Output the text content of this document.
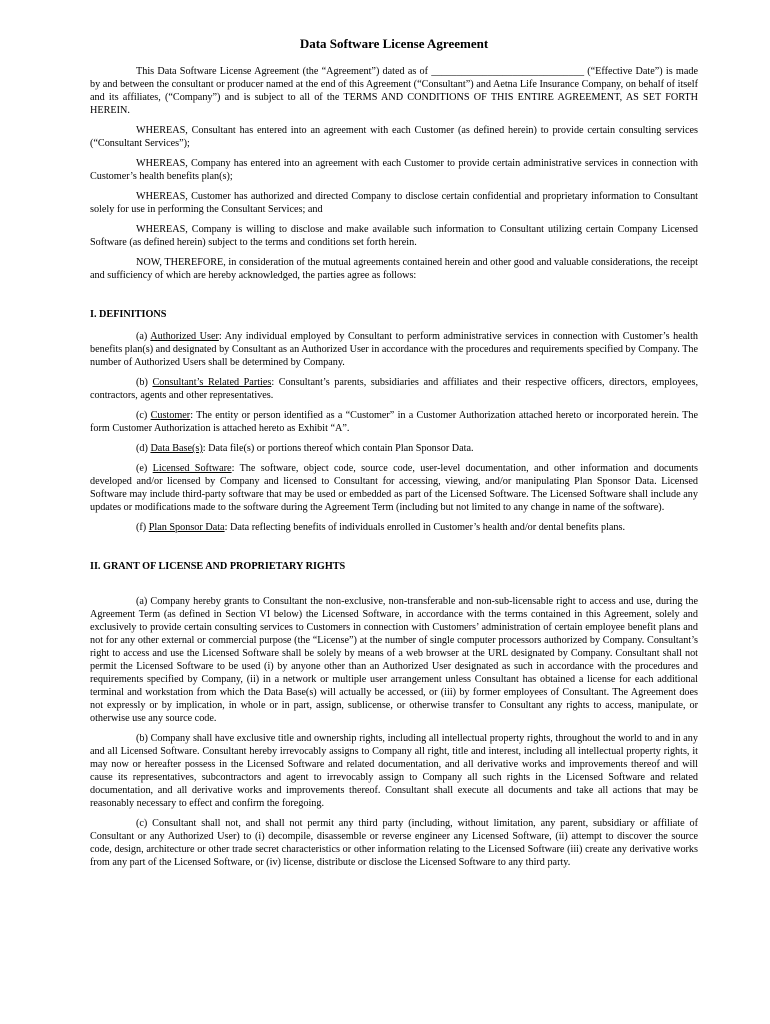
Data Software License Agreement

This Data Software License Agreement (the “Agreement”) dated as of ______________________________ (“Effective Date”) is made by and between the consultant or producer named at the end of this Agreement (“Consultant”) and Aetna Life Insurance Company, on behalf of itself and its affiliates, (“Company”) and is subject to all of the TERMS AND CONDITIONS OF THIS ENTIRE AGREEMENT, AS SET FORTH HEREIN.

WHEREAS, Consultant has entered into an agreement with each Customer (as defined herein) to provide certain consulting services (“Consultant Services”);

WHEREAS, Company has entered into an agreement with each Customer to provide certain administrative services in connection with Customer’s health benefits plan(s);

WHEREAS, Customer has authorized and directed Company to disclose certain confidential and proprietary information to Consultant solely for use in performing the Consultant Services; and

WHEREAS, Company is willing to disclose and make available such information to Consultant utilizing certain Company Licensed Software (as defined herein) subject to the terms and conditions set forth herein.

NOW, THEREFORE, in consideration of the mutual agreements contained herein and other good and valuable considerations, the receipt and sufficiency of which are hereby acknowledged, the parties agree as follows:

I. DEFINITIONS

(a) Authorized User: Any individual employed by Consultant to perform administrative services in connection with Customer’s health benefits plan(s) and designated by Consultant as an Authorized User in accordance with the procedures and requirements specified by Company. The number of Authorized Users shall be determined by Company.

(b) Consultant’s Related Parties: Consultant’s parents, subsidiaries and affiliates and their respective officers, directors, employees, contractors, agents and other representatives.

(c) Customer: The entity or person identified as a “Customer” in a Customer Authorization attached hereto or incorporated herein. The form Customer Authorization is attached hereto as Exhibit “A”.

(d) Data Base(s): Data file(s) or portions thereof which contain Plan Sponsor Data.

(e) Licensed Software: The software, object code, source code, user-level documentation, and other information and documents developed and/or licensed by Company and licensed to Consultant for accessing, viewing, and/or manipulating Plan Sponsor Data. Licensed Software may include third-party software that may be used or embedded as part of the Licensed Software. The Licensed Software shall include any updates or modifications made to the software during the Agreement Term (including but not limited to any change in name of the software).

(f) Plan Sponsor Data: Data reflecting benefits of individuals enrolled in Customer’s health and/or dental benefits plans.

II. GRANT OF LICENSE AND PROPRIETARY RIGHTS

(a) Company hereby grants to Consultant the non-exclusive, non-transferable and non-sub-licensable right to access and use, during the Agreement Term (as defined in Section VI below) the Licensed Software, in accordance with the terms contained in this Agreement, solely and exclusively to provide certain consulting services to Customers in connection with Customers’ administration of certain employee benefit plans and not for any other external or commercial purpose (the “License”) at the number of single computer processors authorized by Company. Consultant’s right to access and use the Licensed Software shall be solely by means of a web browser at the URL designated by Company. Consultant shall not permit the Licensed Software to be used (i) by anyone other than an Authorized User designated as such in accordance with the procedures and requirements specified by Company, (ii) in a network or multiple user arrangement unless Consultant has obtained a license for each additional terminal and workstation from which the Data Base(s) will actually be accessed, or (iii) by former employees of Consultant. The Agreement does not expressly or by implication, in whole or in part, assign, sublicense, or otherwise transfer to Consultant any rights to access, manipulate, or otherwise use any source code.

(b) Company shall have exclusive title and ownership rights, including all intellectual property rights, throughout the world to and in any and all Licensed Software. Consultant hereby irrevocably assigns to Company all right, title and interest, including all intellectual property rights, it may now or hereafter possess in the Licensed Software and related documentation, and all derivative works and improvements thereof and will cause its representatives, subcontractors and agent to irrevocably assign to Company all such rights in the Licensed Software and related documentation, and all derivative works and improvements thereof. Consultant shall execute all documents and take all actions that may be reasonably necessary to effect and confirm the foregoing.

(c) Consultant shall not, and shall not permit any third party (including, without limitation, any parent, subsidiary or affiliate of Consultant or any Authorized User) to (i) decompile, disassemble or reverse engineer any Licensed Software, (ii) attempt to discover the source code, design, architecture or other trade secret characteristics or other information relating to the Licensed Software (iii) create any derivative works from any part of the Licensed Software, or (iv) license, distribute or disclose the Licensed Software to any third party.
